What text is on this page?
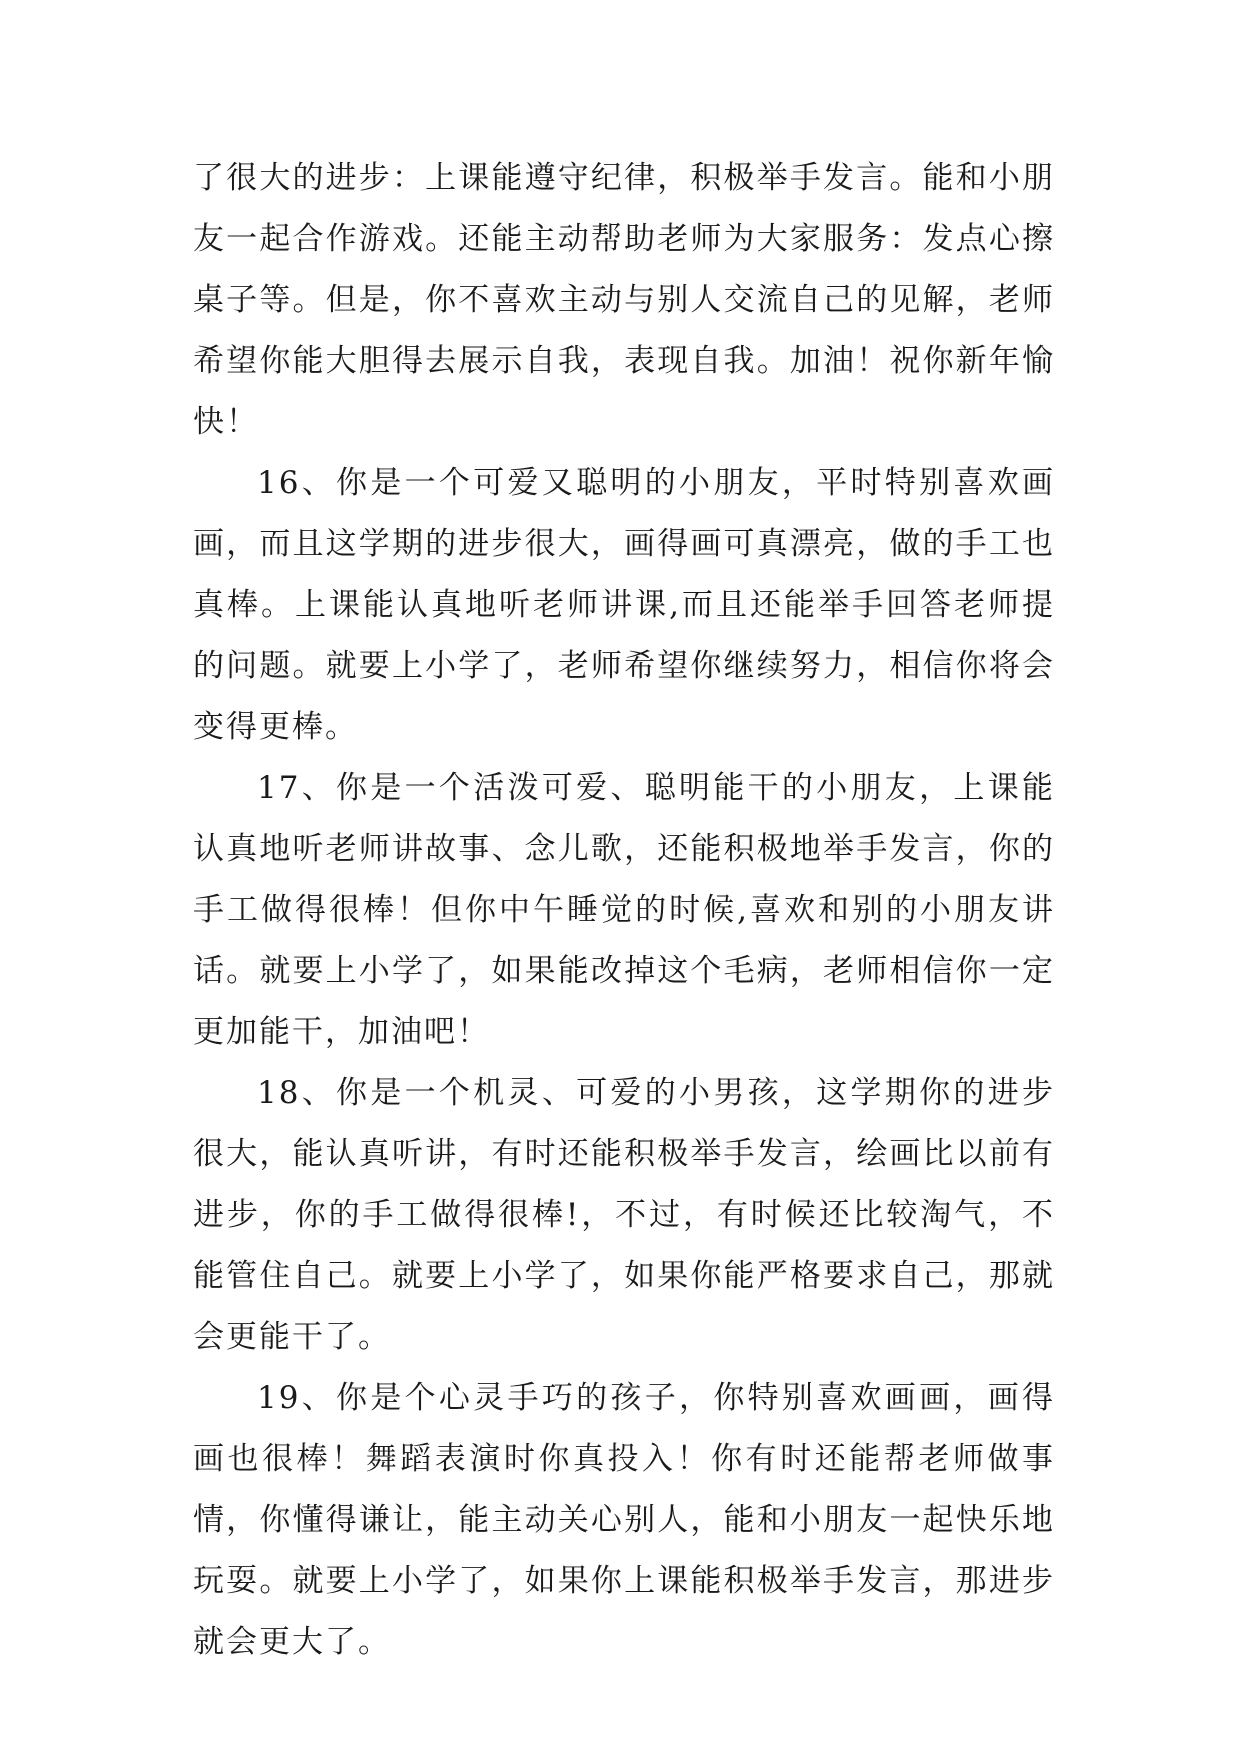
了很大的进步：上课能遵守纪律，积极举手发言。能和小朋友一起合作游戏。还能主动帮助老师为大家服务：发点心擦桌子等。但是，你不喜欢主动与别人交流自己的见解，老师希望你能大胆得去展示自我，表现自我。加油！祝你新年愉快！

16、你是一个可爱又聪明的小朋友，平时特别喜欢画画，而且这学期的进步很大，画得画可真漂亮，做的手工也真棒。上课能认真地听老师讲课,而且还能举手回答老师提的问题。就要上小学了，老师希望你继续努力，相信你将会变得更棒。

17、你是一个活泼可爱、聪明能干的小朋友，上课能认真地听老师讲故事、念儿歌，还能积极地举手发言，你的手工做得很棒！但你中午睡觉的时候,喜欢和别的小朋友讲话。就要上小学了，如果能改掉这个毛病，老师相信你一定更加能干，加油吧！

18、你是一个机灵、可爱的小男孩，这学期你的进步很大，能认真听讲，有时还能积极举手发言，绘画比以前有进步，你的手工做得很棒!，不过，有时候还比较淘气，不能管住自己。就要上小学了，如果你能严格要求自己，那就会更能干了。

19、你是个心灵手巧的孩子，你特别喜欢画画，画得画也很棒！舞蹈表演时你真投入！你有时还能帮老师做事情，你懂得谦让，能主动关心别人，能和小朋友一起快乐地玩耍。就要上小学了，如果你上课能积极举手发言，那进步就会更大了。
